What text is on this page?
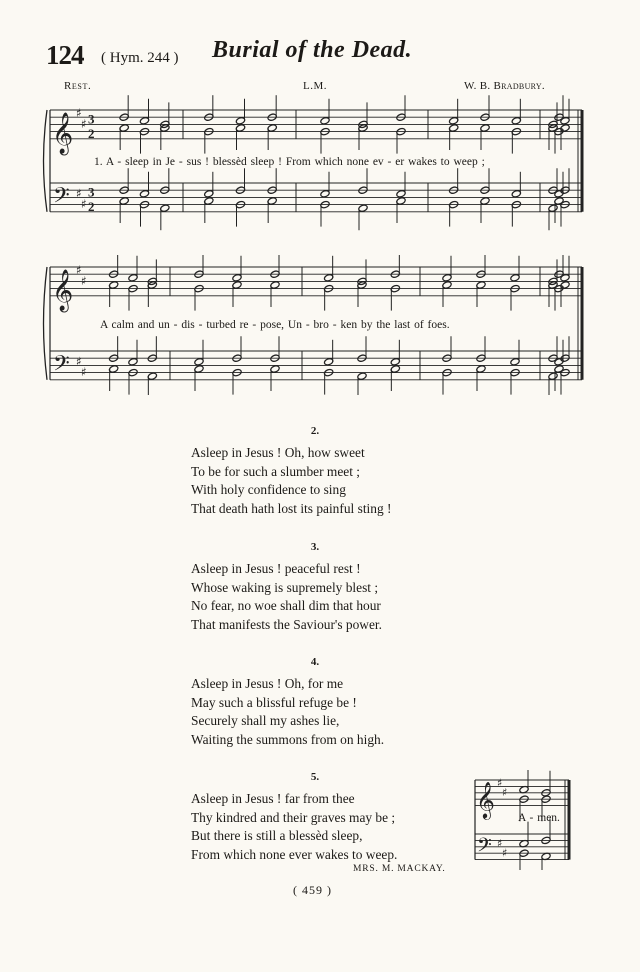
124 ( Hym. 244 ) Burial of the Dead.
Rest.	L.M.	W. B. Bradbury.
𝄞
𝄢
♯
♯
♯
♯
3
3
2
2
𝄞
𝄢
♯
♯
♯
♯
𝄞
𝄢
♯
♯
♯
♯
1. A - sleep in Je - sus ! blessèd sleep ! From which none ev - er wakes to weep ;
A calm and un - dis - turbed re - pose, Un - bro - ken by the last of foes.
A - men.
2.
Asleep in Jesus ! Oh, how sweet
To be for such a slumber meet ;
With holy confidence to sing
That death hath lost its painful sting !
3.
Asleep in Jesus ! peaceful rest !
Whose waking is supremely blest ;
No fear, no woe shall dim that hour
That manifests the Saviour's power.
4.
Asleep in Jesus ! Oh, for me
May such a blissful refuge be !
Securely shall my ashes lie,
Waiting the summons from on high.
5.
Asleep in Jesus ! far from thee
Thy kindred and their graves may be ;
But there is still a blessèd sleep,
From which none ever wakes to weep.
MRS. M. MACKAY.
( 459 )
